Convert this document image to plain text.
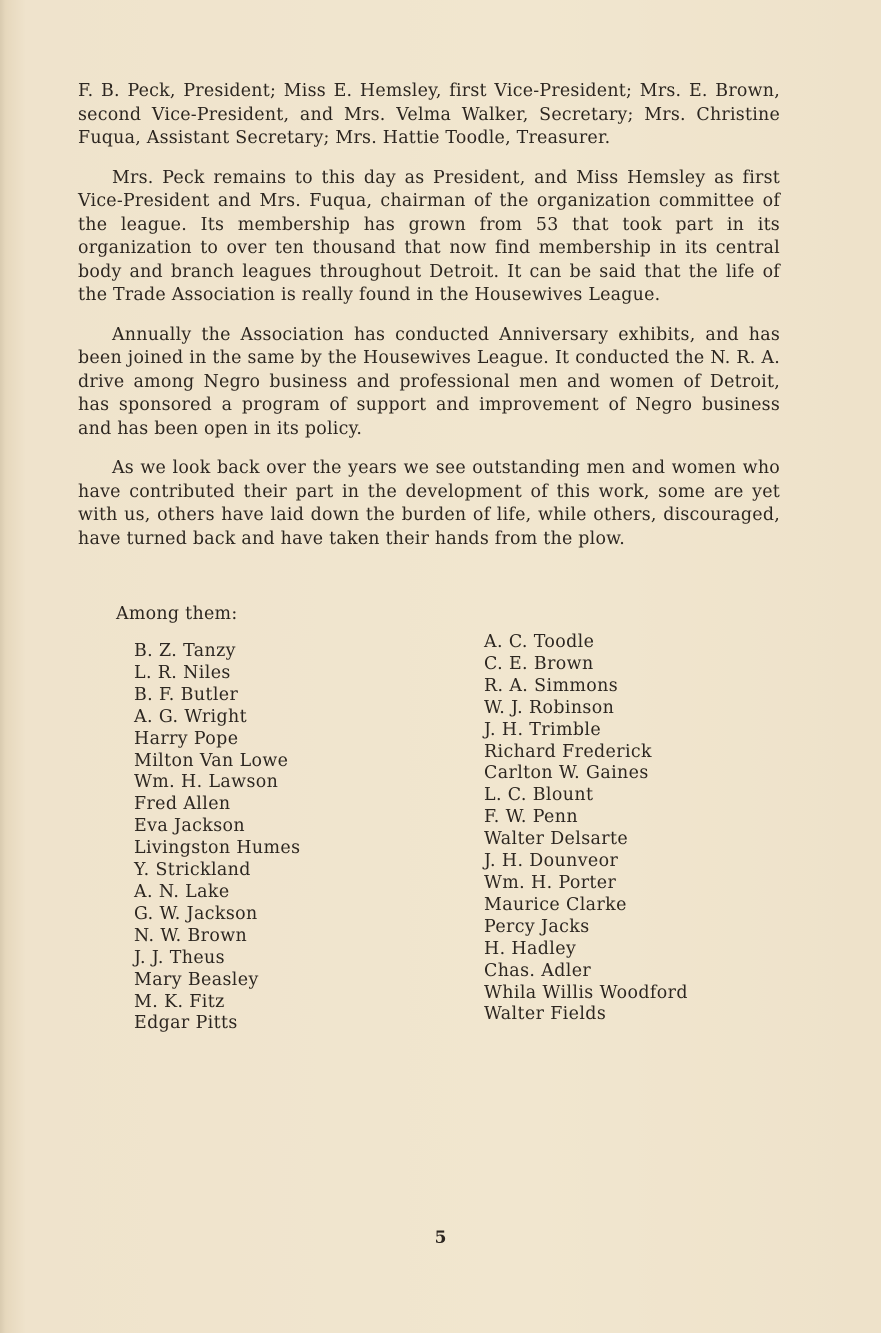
F. B. Peck, President; Miss E. Hemsley, first Vice-President; Mrs. E. Brown, second Vice-President, and Mrs. Velma Walker, Secretary; Mrs. Christine Fuqua, Assistant Secretary; Mrs. Hattie Toodle, Treasurer.

Mrs. Peck remains to this day as President, and Miss Hemsley as first Vice-President and Mrs. Fuqua, chairman of the organization committee of the league. Its membership has grown from 53 that took part in its organization to over ten thousand that now find membership in its central body and branch leagues throughout Detroit. It can be said that the life of the Trade Association is really found in the Housewives League.

Annually the Association has conducted Anniversary exhibits, and has been joined in the same by the Housewives League. It conducted the N. R. A. drive among Negro business and professional men and women of Detroit, has sponsored a program of support and improvement of Negro business and has been open in its policy.

As we look back over the years we see outstanding men and women who have contributed their part in the development of this work, some are yet with us, others have laid down the burden of life, while others, discouraged, have turned back and have taken their hands from the plow.

Among them:
B. Z. Tanzy
L. R. Niles
B. F. Butler
A. G. Wright
Harry Pope
Milton Van Lowe
Wm. H. Lawson
Fred Allen
Eva Jackson
Livingston Humes
Y. Strickland
A. N. Lake
G. W. Jackson
N. W. Brown
J. J. Theus
Mary Beasley
M. K. Fitz
Edgar Pitts
A. C. Toodle
C. E. Brown
R. A. Simmons
W. J. Robinson
J. H. Trimble
Richard Frederick
Carlton W. Gaines
L. C. Blount
F. W. Penn
Walter Delsarte
J. H. Dounveor
Wm. H. Porter
Maurice Clarke
Percy Jacks
H. Hadley
Chas. Adler
Whila Willis Woodford
Walter Fields
5
